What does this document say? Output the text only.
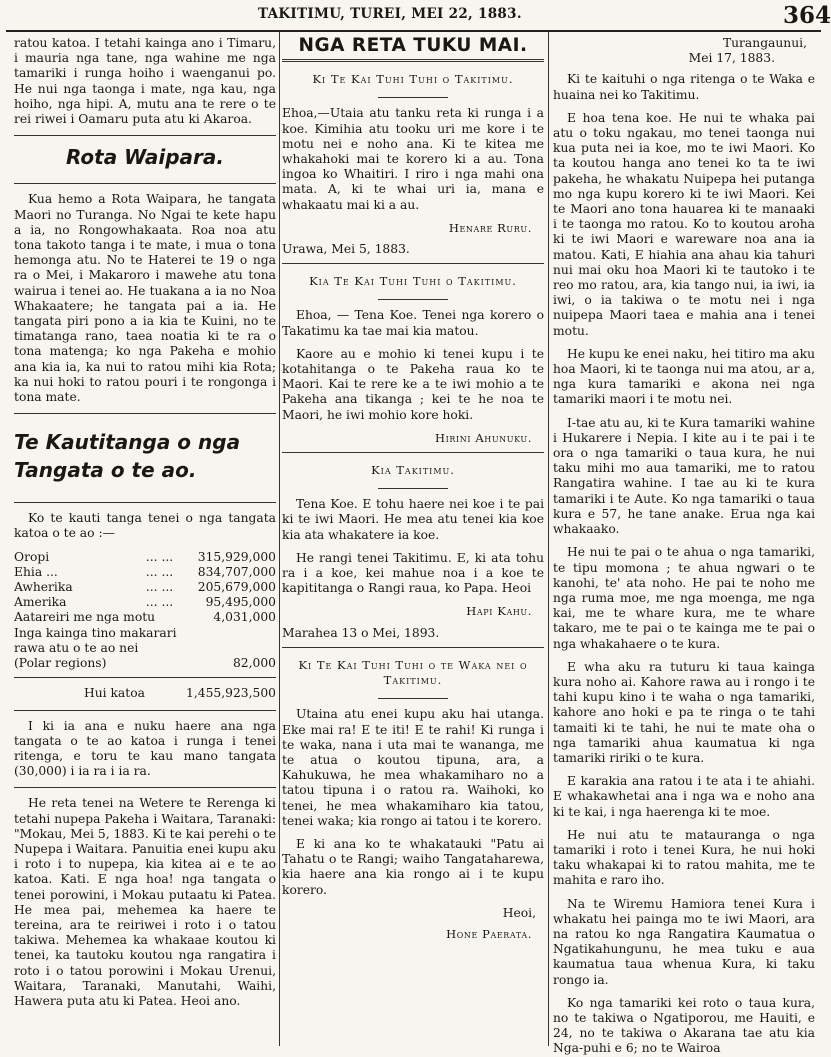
TAKITIMU, TUREI, MEI 22, 1883.	364

ratou katoa. I tetahi kainga ano i Timaru, i mauria nga tane, nga wahine me nga tamariki i runga hoiho i waenganui po. He nui nga taonga i mate, nga kau, nga hoiho, nga hipi. A, mutu ana te rere o te rei riwei i Oamaru puta atu ki Akaroa.

Rota Waipara.

Kua hemo a Rota Waipara, he tangata Maori no Turanga. No Ngai te kete hapu a ia, no Rongowhakaata. Roa noa atu tona takoto tanga i te mate, i mua o tona hemonga atu. No te Haterei te 19 o nga ra o Mei, i Makaroro i mawehe atu tona wairua i tenei ao. He tuakana a ia no Noa Whakaatere; he tangata pai a ia. He tangata piri pono a ia kia te Kuini, no te timatanga rano, taea noatia ki te ra o tona matenga; ko nga Pakeha e mohio ana kia ia, ka nui to ratou mihi kia Rota; ka nui hoki to ratou pouri i te rongonga i tona mate.

Te Kautitanga o nga Tangata o te ao.

Ko te kauti tanga tenei o nga tangata katoa o te ao :—

Oropi	... ...	315,929,000
Ehia ...	... ...	834,707,000
Awherika	... ...	205,679,000
Amerika	... ...	95,495,000
Aatareiri me nga motu		4,031,000
Inga kainga tino makarari rawa atu o te ao nei (Polar regions)		82,000
Hui katoa	1,455,923,500

I ki ia ana e nuku haere ana nga tangata o te ao katoa i runga i tenei ritenga, e toru te kau mano tangata (30,000) i ia ra i ia ra.

He reta tenei na Wetere te Rerenga ki tetahi nupepa Pakeha i Waitara, Taranaki: "Mokau, Mei 5, 1883. Ki te kai perehi o te Nupepa i Waitara. Panuitia enei kupu aku i roto i to nupepa, kia kitea ai e te ao katoa. Kati. E nga hoa! nga tangata o tenei porowini, i Mokau putaatu ki Patea. He mea pai, mehemea ka haere te tereina, ara te reiriwei i roto i o tatou takiwa. Mehemea ka whakaae koutou ki tenei, ka tautoku koutou nga rangatira i roto i o tatou porowini i Mokau Urenui, Waitara, Taranaki, Manutahi, Waihi, Hawera puta atu ki Patea. Heoi ano.

NGA RETA TUKU MAI.
Ki Te Kai Tuhi Tuhi o Takitimu.

Ehoa,—Utaia atu tanku reta ki runga i a koe. Kimihia atu tooku uri me kore i te motu nei e noho ana. Ki te kitea me whakahoki mai te korero ki a au. Tona ingoa ko Whaitiri. I riro i nga mahi ona mata. A, ki te whai uri ia, mana e whakaatu mai ki a au.

Henare Ruru.
Urawa, Mei 5, 1883.
Kia Te Kai Tuhi Tuhi o Takitimu.

Ehoa, — Tena Koe. Tenei nga korero o Takatimu ka tae mai kia matou.

Kaore au e mohio ki tenei kupu i te kotahitanga o te Pakeha raua ko te Maori. Kai te rere ke a te iwi mohio a te Pakeha ana tikanga ; kei te he noa te Maori, he iwi mohio kore hoki.

Hirini Ahunuku.
Kia Takitimu.

Tena Koe. E tohu haere nei koe i te pai ki te iwi Maori. He mea atu tenei kia koe kia ata whakatere ia koe.

He rangi tenei Takitimu. E, ki ata tohu ra i a koe, kei mahue noa i a koe te kapititanga o Rangi raua, ko Papa. Heoi

Hapi Kahu.
Marahea 13 o Mei, 1893.
Ki Te Kai Tuhi Tuhi o te Waka nei o Takitimu.

Utaina atu enei kupu aku hai utanga. Eke mai ra! E te iti! E te rahi! Ki runga i te waka, nana i uta mai te wananga, me te atua o koutou tipuna, ara, a Kahukuwa, he mea whakamiharo no a tatou tipuna i o ratou ra. Waihoki, ko tenei, he mea whakamiharo kia tatou, tenei waka; kia rongo ai tatou i te korero.

E ki ana ko te whakatauki "Patu ai Tahatu o te Rangi; waiho Tangataharewa, kia haere ana kia rongo ai i te kupu korero.

Heoi,
Hone Paerata.
Turangaunui,
Mei 17, 1883.

Ki te kaituhi o nga ritenga o te Waka e huaina nei ko Takitimu.

E hoa tena koe. He nui te whaka pai atu o toku ngakau, mo tenei taonga nui kua puta nei ia koe, mo te iwi Maori. Ko ta koutou hanga ano tenei ko ta te iwi pakeha, he whakatu Nuipepa hei putanga mo nga kupu korero ki te iwi Maori. Kei te Maori ano tona hauarea ki te manaaki i te taonga mo ratou. Ko to koutou aroha ki te iwi Maori e wareware noa ana ia matou. Kati, E hiahia ana ahau kia tahuri nui mai oku hoa Maori ki te tautoko i te reo mo ratou, ara, kia tango nui, ia iwi, ia iwi, o ia takiwa o te motu nei i nga nuipepa Maori taea e mahia ana i tenei motu.

He kupu ke enei naku, hei titiro ma aku hoa Maori, ki te taonga nui ma atou, ar a, nga kura tamariki e akona nei nga tamariki maori i te motu nei.

I-tae atu au, ki te Kura tamariki wahine i Hukarere i Nepia. I kite au i te pai i te ora o nga tamariki o taua kura, he nui taku mihi mo aua tamariki, me to ratou Rangatira wahine. I tae au ki te kura tamariki i te Aute. Ko nga tamariki o taua kura e 57, he tane anake. Erua nga kai whakaako.

He nui te pai o te ahua o nga tamariki, te tipu momona ; te ahua ngwari o te kanohi, te' ata noho. He pai te noho me nga ruma moe, me nga moenga, me nga kai, me te whare kura, me te whare takaro, me te pai o te kainga me te pai o nga whakahaere o te kura.

E wha aku ra tuturu ki taua kainga kura noho ai. Kahore rawa au i rongo i te tahi kupu kino i te waha o nga tamariki, kahore ano hoki e pa te ringa o te tahi tamaiti ki te tahi, he nui te mate oha o nga tamariki ahua kaumatua ki nga tamariki ririki o te kura.

E karakia ana ratou i te ata i te ahiahi. E whakawhetai ana i nga wa e noho ana ki te kai, i nga haerenga ki te moe.

He nui atu te matauranga o nga tamariki i roto i tenei Kura, he nui hoki taku whakapai ki to ratou mahita, me te mahita e raro iho.

Na te Wiremu Hamiora tenei Kura i whakatu hei painga mo te iwi Maori, ara na ratou ko nga Rangatira Kaumatua o Ngatikahungunu, he mea tuku e aua kaumatua taua whenua Kura, ki taku rongo ia.

Ko nga tamariki kei roto o taua kura, no te takiwa o Ngatiporou, me Hauiti, e 24, no te takiwa o Akarana tae atu kia Nga-puhi e 6; no te Wairoa
